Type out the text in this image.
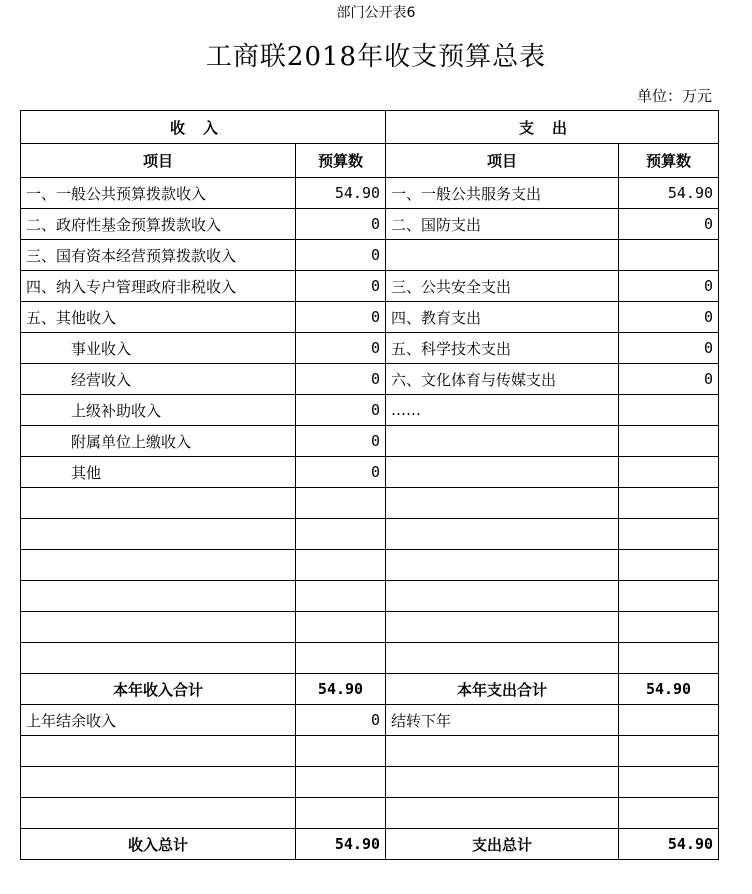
部门公开表6
工商联2018年收支预算总表
单位：万元
收入		支出	
项目	预算数	项目	预算数
一、一般公共预算拨款收入	54.90	一、一般公共服务支出	54.90
二、政府性基金预算拨款收入	0	二、国防支出	0
三、国有资本经营预算拨款收入	0		
四、纳入专户管理政府非税收入	0	三、公共安全支出	0
五、其他收入	0	四、教育支出	0
事业收入	0	五、科学技术支出	0
经营收入	0	六、文化体育与传媒支出	0
上级补助收入	0	……	
附属单位上缴收入	0		
其他	0		

本年收入合计	54.90	本年支出合计	54.90
上年结余收入	0	结转下年	

收入总计	54.90	支出总计	54.90
